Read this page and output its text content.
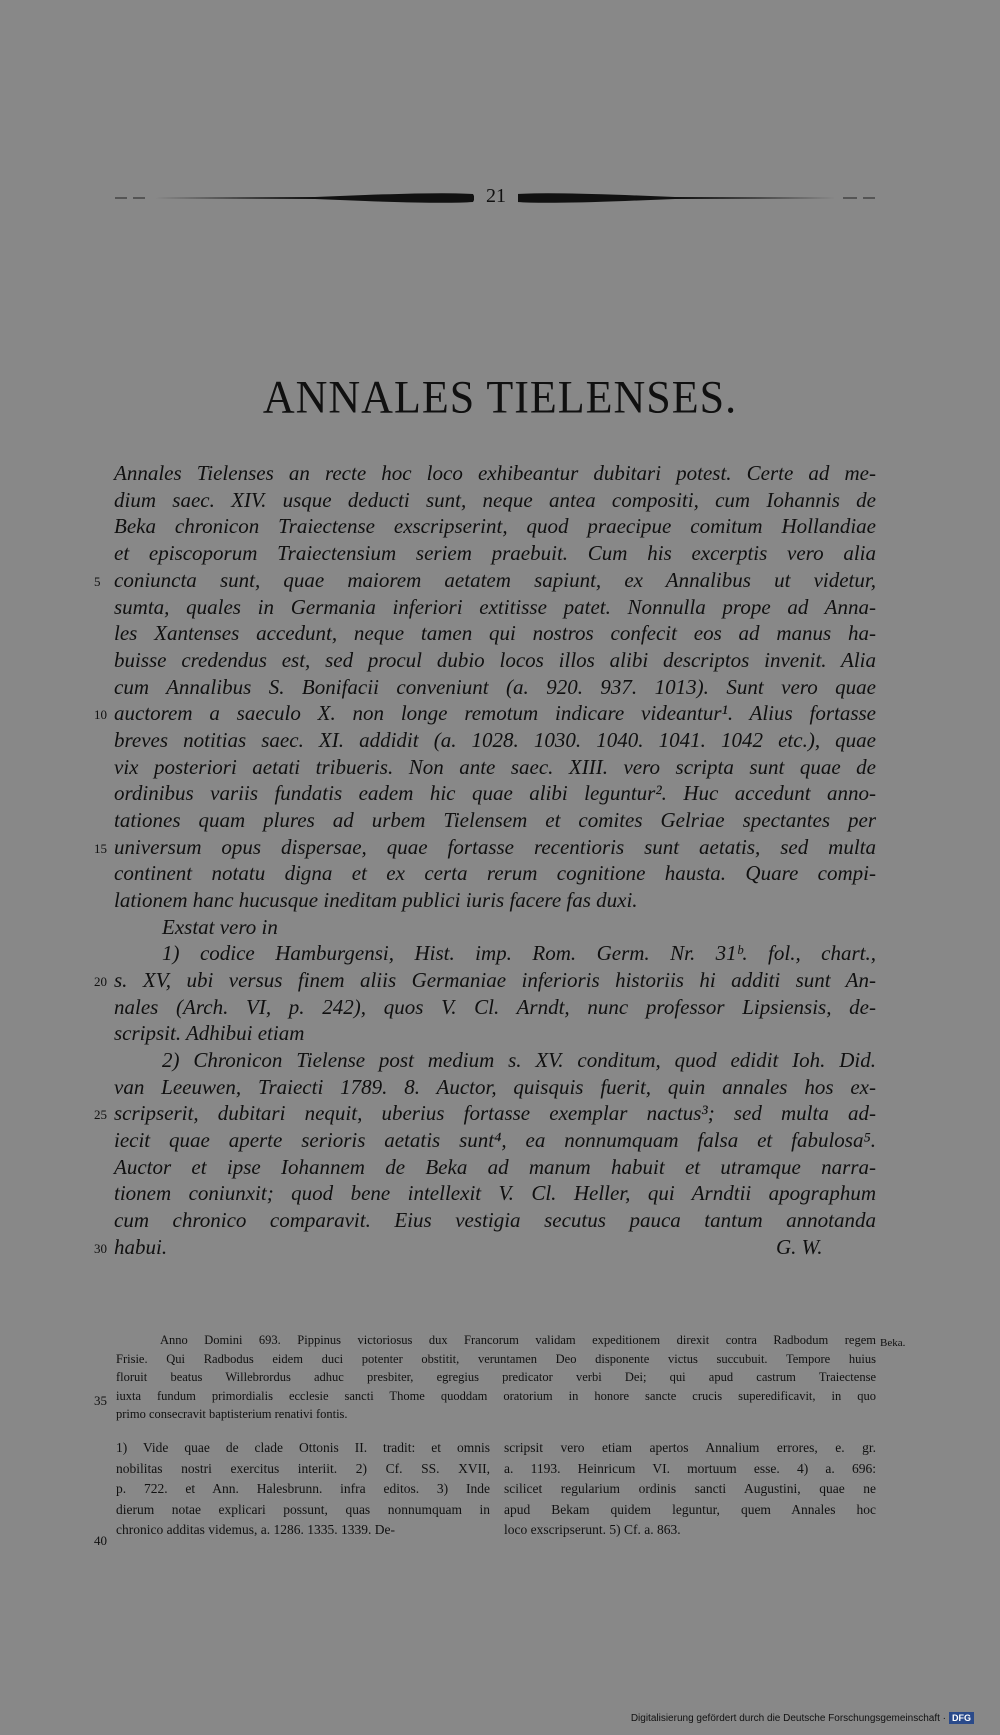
21
ANNALES TIELENSES.
Annales Tielenses an recte hoc loco exhibeantur dubitari potest. Certe ad me-
dium saec. XIV. usque deducti sunt, neque antea compositi, cum Iohannis de
Beka chronicon Traiectense exscripserint, quod praecipue comitum Hollandiae
et episcoporum Traiectensium seriem praebuit. Cum his excerptis vero alia
coniuncta sunt, quae maiorem aetatem sapiunt, ex Annalibus ut videtur,
sumta, quales in Germania inferiori extitisse patet. Nonnulla prope ad Anna-
les Xantenses accedunt, neque tamen qui nostros confecit eos ad manus ha-
buisse credendus est, sed procul dubio locos illos alibi descriptos invenit. Alia
cum Annalibus S. Bonifacii conveniunt (a. 920. 937. 1013). Sunt vero quae
auctorem a saeculo X. non longe remotum indicare videantur¹. Alius fortasse
breves notitias saec. XI. addidit (a. 1028. 1030. 1040. 1041. 1042 etc.), quae
vix posteriori aetati tribueris. Non ante saec. XIII. vero scripta sunt quae de
ordinibus variis fundatis eadem hic quae alibi leguntur². Huc accedunt anno-
tationes quam plures ad urbem Tielensem et comites Gelriae spectantes per
universum opus dispersae, quae fortasse recentioris sunt aetatis, sed multa
continent notatu digna et ex certa rerum cognitione hausta. Quare compi-
lationem hanc hucusque ineditam publici iuris facere fas duxi.
Exstat vero in
1) codice Hamburgensi, Hist. imp. Rom. Germ. Nr. 31ᵇ. fol., chart.,
s. XV, ubi versus finem aliis Germaniae inferioris historiis hi additi sunt An-
nales (Arch. VI, p. 242), quos V. Cl. Arndt, nunc professor Lipsiensis, de-
scripsit. Adhibui etiam
2) Chronicon Tielense post medium s. XV. conditum, quod edidit Ioh. Did.
van Leeuwen, Traiecti 1789. 8. Auctor, quisquis fuerit, quin annales hos ex-
scripserit, dubitari nequit, uberius fortasse exemplar nactus³; sed multa ad-
iecit quae aperte serioris aetatis sunt⁴, ea nonnumquam falsa et fabulosa⁵.
Auctor et ipse Iohannem de Beka ad manum habuit et utramque narra-
tionem coniunxit; quod bene intellexit V. Cl. Heller, qui Arndtii apographum
cum chronico comparavit. Eius vestigia secutus pauca tantum annotanda
habui.	G. W.
5
10
15
20
25
30
35
40
Anno Domini 693. Pippinus victoriosus dux Francorum validam expeditionem direxit contra Radbodum regem
Frisie. Qui Radbodus eidem duci potenter obstitit, veruntamen Deo disponente victus succubuit. Tempore huius
floruit beatus Willebrordus adhuc presbiter, egregius predicator verbi Dei; qui apud castrum Traiectense
iuxta fundum primordialis ecclesie sancti Thome quoddam oratorium in honore sancte crucis superedificavit, in quo
primo consecravit baptisterium renativi fontis.
Beka.
1) Vide quae de clade Ottonis II. tradit: et omnis
nobilitas nostri exercitus interiit. 2) Cf. SS. XVII,
p. 722. et Ann. Halesbrunn. infra editos. 3) Inde
dierum notae explicari possunt, quas nonnumquam in
chronico additas videmus, a. 1286. 1335. 1339. De-
scripsit vero etiam apertos Annalium errores, e. gr.
a. 1193. Heinricum VI. mortuum esse. 4) a. 696:
scilicet regularium ordinis sancti Augustini, quae ne
apud Bekam quidem leguntur, quem Annales hoc
loco exscripserunt. 5) Cf. a. 863.
Digitalisierung gefördert durch die Deutsche Forschungsgemeinschaft · DFG
